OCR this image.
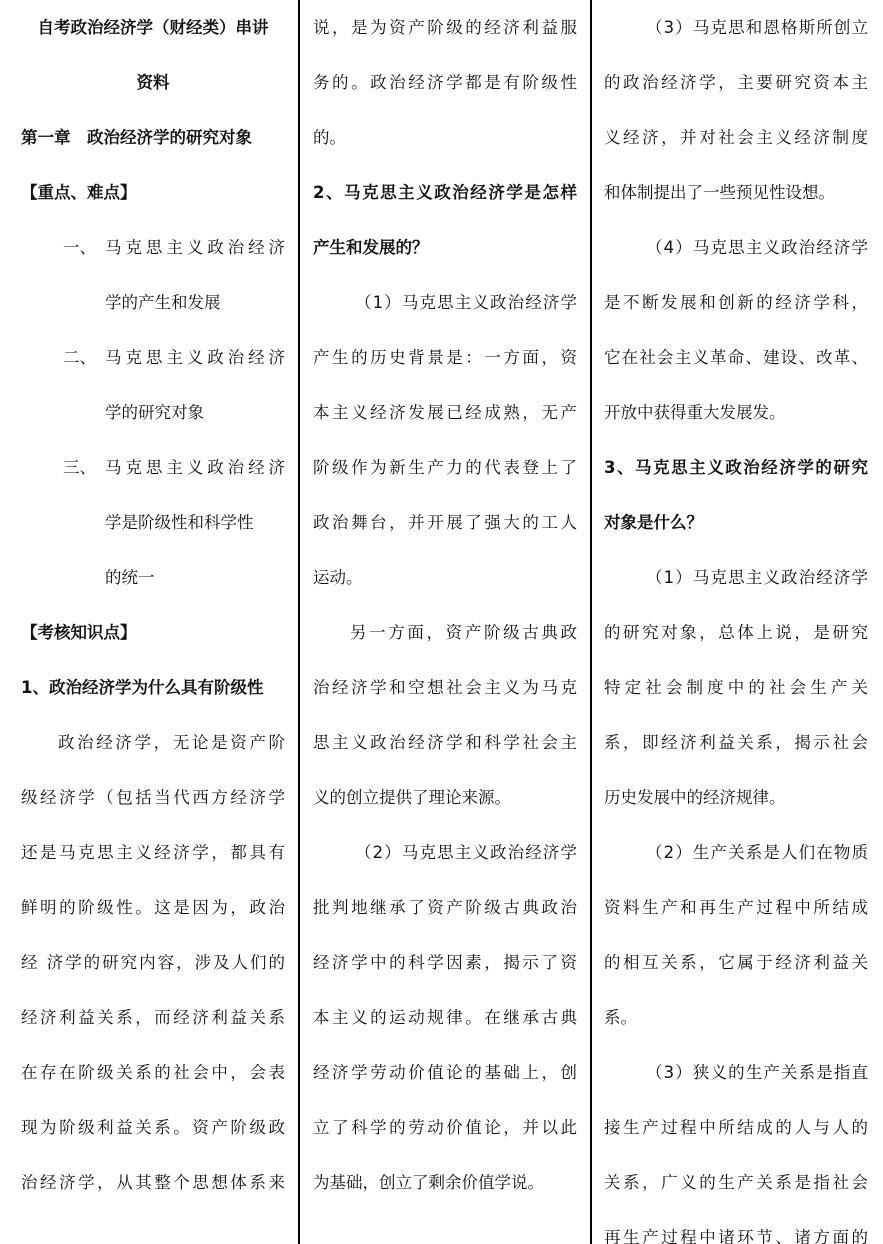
自考政治经济学（财经类）串讲
资料
第一章　政治经济学的研究对象
【重点、难点】
一、 马克思主义政治经济
学的产生和发展
二、 马克思主义政治经济
学的研究对象
三、 马克思主义政治经济
学是阶级性和科学性
的统一
【考核知识点】
1、政治经济学为什么具有阶级性
政治经济学，无论是资产阶
级经济学（包括当代西方经济学
还是马克思主义经济学，都具有
鲜明的阶级性。这是因为，政治
经 济学的研究内容，涉及人们的
经济利益关系，而经济利益关系
在存在阶级关系的社会中，会表
现为阶级利益关系。资产阶级政
治经济学，从其整个思想体系来
说，是为资产阶级的经济利益服
务的。政治经济学都是有阶级性
的。
2、马克思主义政治经济学是怎样
产生和发展的？
（1）马克思主义政治经济学
产生的历史背景是：一方面，资
本主义经济发展已经成熟，无产
阶级作为新生产力的代表登上了
政治舞台，并开展了强大的工人
运动。
另一方面，资产阶级古典政
治经济学和空想社会主义为马克
思主义政治经济学和科学社会主
义的创立提供了理论来源。
（2）马克思主义政治经济学
批判地继承了资产阶级古典政治
经济学中的科学因素，揭示了资
本主义的运动规律。在继承古典
经济学劳动价值论的基础上，创
立了科学的劳动价值论，并以此
为基础，创立了剩余价值学说。
（3）马克思和恩格斯所创立
的政治经济学，主要研究资本主
义经济，并对社会主义经济制度
和体制提出了一些预见性设想。
（4）马克思主义政治经济学
是不断发展和创新的经济学科，
它在社会主义革命、建设、改革、
开放中获得重大发展发。
3、马克思主义政治经济学的研究
对象是什么？
（1）马克思主义政治经济学
的研究对象，总体上说，是研究
特定社会制度中的社会生产关
系，即经济利益关系，揭示社会
历史发展中的经济规律。
（2）生产关系是人们在物质
资料生产和再生产过程中所结成
的相互关系，它属于经济利益关
系。
（3）狭义的生产关系是指直
接生产过程中所结成的人与人的
关系，广义的生产关系是指社会
再生产过程中诸环节、诸方面的
